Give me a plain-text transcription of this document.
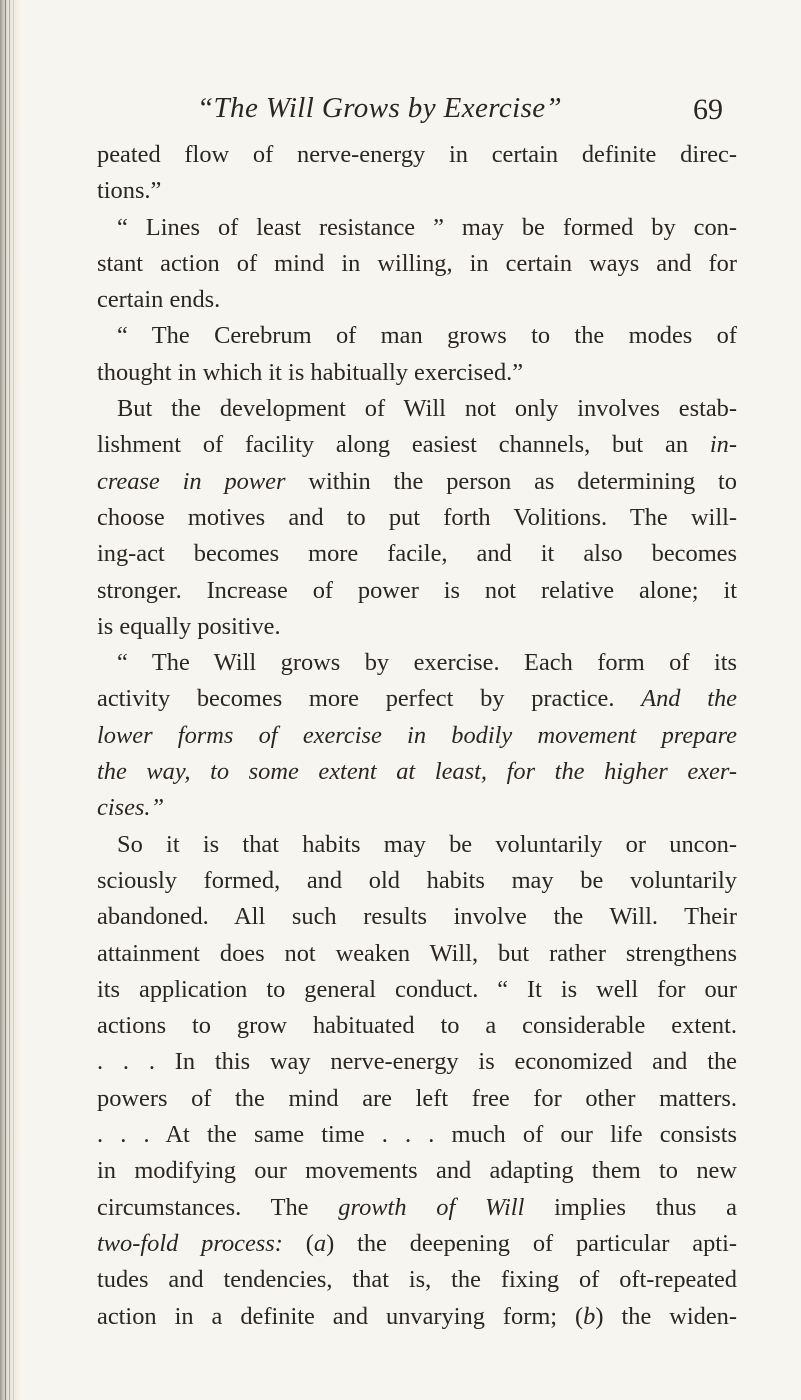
“The Will Grows by Exercise”	69
peated flow of nerve-energy in certain definite direc-
tions.”
“ Lines of least resistance ” may be formed by con-
stant action of mind in willing, in certain ways and for
certain ends.
“ The Cerebrum of man grows to the modes of
thought in which it is habitually exercised.”
But the development of Will not only involves estab-
lishment of facility along easiest channels, but an in-
crease in power within the person as determining to
choose motives and to put forth Volitions. The will-
ing-act becomes more facile, and it also becomes
stronger. Increase of power is not relative alone; it
is equally positive.
“ The Will grows by exercise. Each form of its
activity becomes more perfect by practice. And the
lower forms of exercise in bodily movement prepare
the way, to some extent at least, for the higher exer-
cises.”
So it is that habits may be voluntarily or uncon-
sciously formed, and old habits may be voluntarily
abandoned. All such results involve the Will. Their
attainment does not weaken Will, but rather strengthens
its application to general conduct. “ It is well for our
actions to grow habituated to a considerable extent.
. . . In this way nerve-energy is economized and the
powers of the mind are left free for other matters.
. . . At the same time . . . much of our life consists
in modifying our movements and adapting them to new
circumstances. The growth of Will implies thus a
two-fold process: (a) the deepening of particular apti-
tudes and tendencies, that is, the fixing of oft-repeated
action in a definite and unvarying form; (b) the widen-
